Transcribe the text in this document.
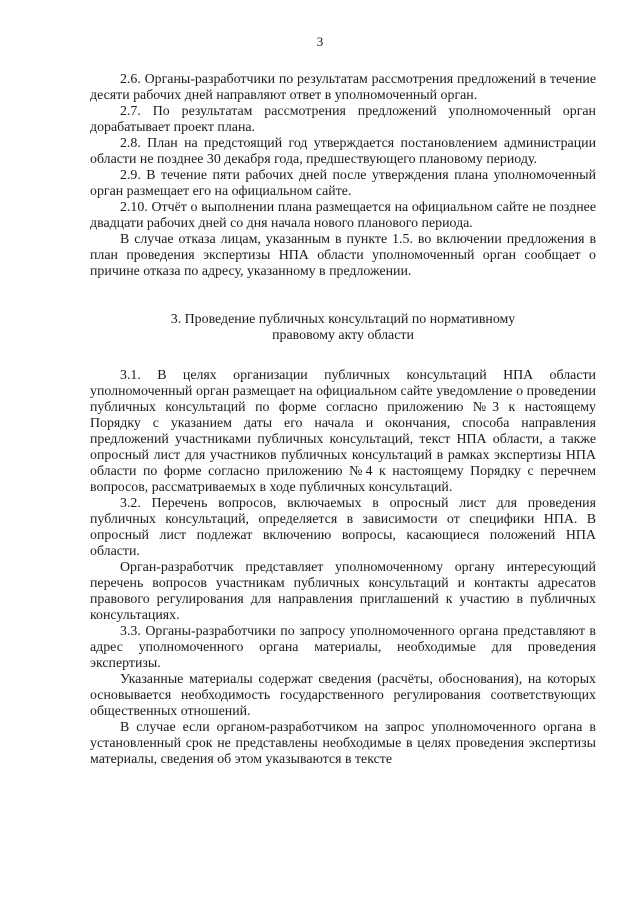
3

2.6. Органы-разработчики по результатам рассмотрения предложений в течение десяти рабочих дней направляют ответ в уполномоченный орган.

2.7. По результатам рассмотрения предложений уполномоченный орган дорабатывает проект плана.

2.8. План на предстоящий год утверждается постановлением администрации области не позднее 30 декабря года, предшествующего плановому периоду.

2.9. В течение пяти рабочих дней после утверждения плана уполномоченный орган размещает его на официальном сайте.

2.10. Отчёт о выполнении плана размещается на официальном сайте не позднее двадцати рабочих дней со дня начала нового планового периода.

В случае отказа лицам, указанным в пункте 1.5. во включении предложения в план проведения экспертизы НПА области уполномоченный орган сообщает о причине отказа по адресу, указанному в предложении.

3. Проведение публичных консультаций по нормативному

правовому акту области

3.1. В целях организации публичных консультаций НПА области уполномоченный орган размещает на официальном сайте уведомление о проведении публичных консультаций по форме согласно приложению №3 к настоящему Порядку с указанием даты его начала и окончания, способа направления предложений участниками публичных консультаций, текст НПА области, а также опросный лист для участников публичных консультаций в рамках экспертизы НПА области по форме согласно приложению №4 к настоящему Порядку с перечнем вопросов, рассматриваемых в ходе публичных консультаций.

3.2. Перечень вопросов, включаемых в опросный лист для проведения публичных консультаций, определяется в зависимости от специфики НПА. В опросный лист подлежат включению вопросы, касающиеся положений НПА области.

Орган-разработчик представляет уполномоченному органу интересующий перечень вопросов участникам публичных консультаций и контакты адресатов правового регулирования для направления приглашений к участию в публичных консультациях.

3.3. Органы-разработчики по запросу уполномоченного органа представляют в адрес уполномоченного органа материалы, необходимые для проведения экспертизы.

Указанные материалы содержат сведения (расчёты, обоснования), на которых основывается необходимость государственного регулирования соответствующих общественных отношений.

В случае если органом-разработчиком на запрос уполномоченного органа в установленный срок не представлены необходимые в целях проведения экспертизы материалы, сведения об этом указываются в тексте
